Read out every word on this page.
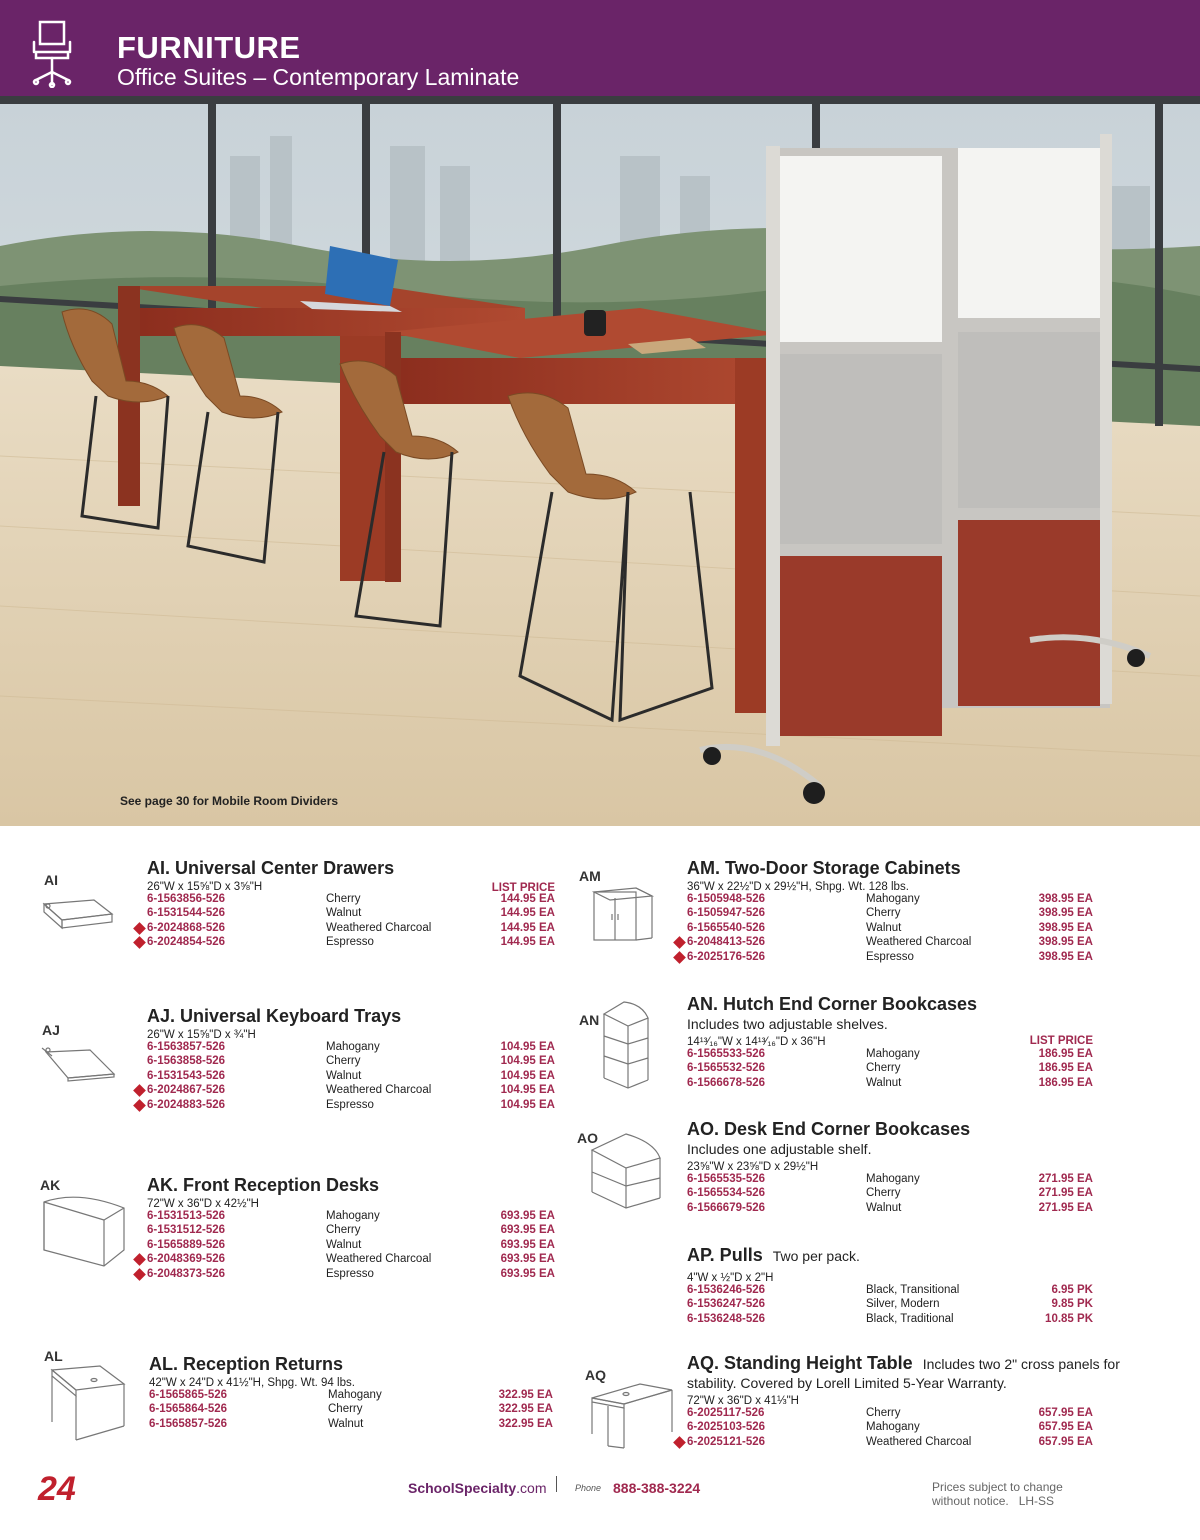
FURNITURE
Office Suites – Contemporary Laminate
See page 30 for Mobile Room Dividers
AI
AI. Universal Center Drawers
26"W x 15⅝"D x 3⅝"H	LIST PRICE
6-1563856-526	Cherry	144.95 EA
6-1531544-526	Walnut	144.95 EA
6-2024868-526	Weathered Charcoal	144.95 EA
6-2024854-526	Espresso	144.95 EA
AJ
AJ. Universal Keyboard Trays
26"W x 15⅝"D x ¾"H
6-1563857-526	Mahogany	104.95 EA
6-1563858-526	Cherry	104.95 EA
6-1531543-526	Walnut	104.95 EA
6-2024867-526	Weathered Charcoal	104.95 EA
6-2024883-526	Espresso	104.95 EA
AK	AK. Front Reception Desks
72"W x 36"D x 42½"H
6-1531513-526	Mahogany	693.95 EA
6-1531512-526	Cherry	693.95 EA
6-1565889-526	Walnut	693.95 EA
6-2048369-526	Weathered Charcoal	693.95 EA
6-2048373-526	Espresso	693.95 EA
AL	AL. Reception Returns
42"W x 24"D x 41½"H, Shpg. Wt. 94 lbs.
6-1565865-526	Mahogany	322.95 EA
6-1565864-526	Cherry	322.95 EA
6-1565857-526	Walnut	322.95 EA
AM	AM. Two-Door Storage Cabinets
36"W x 22½"D x 29½"H, Shpg. Wt. 128 lbs.
6-1505948-526	Mahogany	398.95 EA
6-1505947-526	Cherry	398.95 EA
6-1565540-526	Walnut	398.95 EA
6-2048413-526	Weathered Charcoal	398.95 EA
6-2025176-526	Espresso	398.95 EA
AN
AN. Hutch End Corner Bookcases
Includes two adjustable shelves.
14¹³⁄₁₆"W x 14¹³⁄₁₆"D x 36"H	LIST PRICE
6-1565533-526	Mahogany	186.95 EA
6-1565532-526	Cherry	186.95 EA
6-1566678-526	Walnut	186.95 EA
AO	AO. Desk End Corner Bookcases
Includes one adjustable shelf.
23⅝"W x 23⅝"D x 29½"H
6-1565535-526	Mahogany	271.95 EA
6-1565534-526	Cherry	271.95 EA
6-1566679-526	Walnut	271.95 EA
AP. Pulls Two per pack.
4"W x ½"D x 2"H
6-1536246-526	Black, Transitional	6.95 PK
6-1536247-526	Silver, Modern	9.85 PK
6-1536248-526	Black, Traditional	10.85 PK
AQ
AQ. Standing Height Table Includes two 2" cross panels for
stability. Covered by Lorell Limited 5-Year Warranty.
72"W x 36"D x 41⅓"H
6-2025117-526	Cherry	657.95 EA
6-2025103-526	Mahogany	657.95 EA
6-2025121-526	Weathered Charcoal	657.95 EA
24	SchoolSpecialty.com	Phone 888-388-3224	Prices subject to change
without notice.   LH-SS
